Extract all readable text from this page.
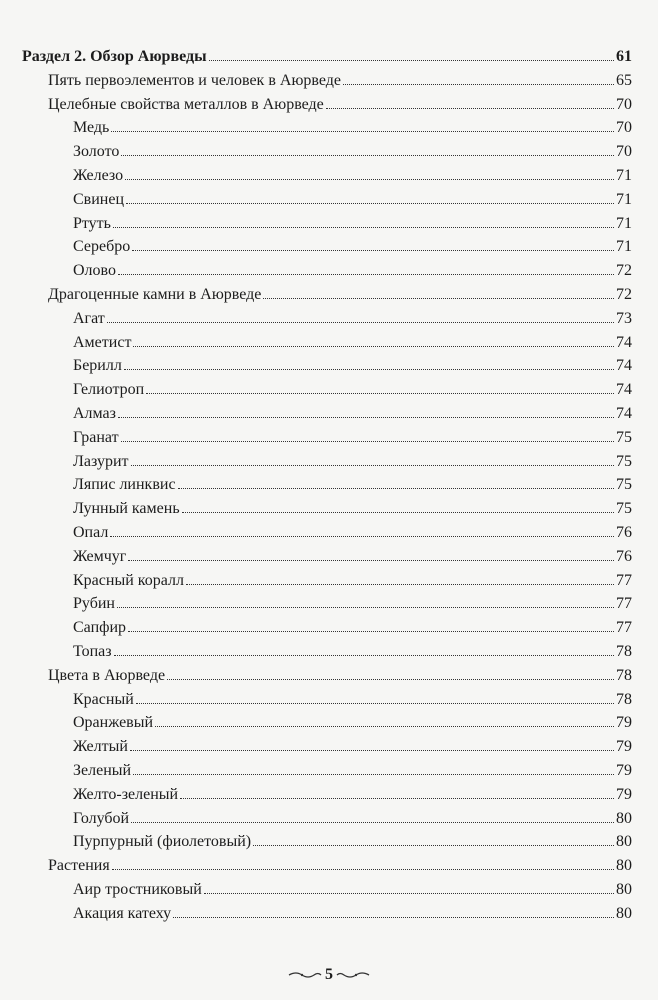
Раздел 2. Обзор Аюрведы	61
Пять первоэлементов и человек в Аюрведе	65
Целебные свойства металлов в Аюрведе	70
Медь	70
Золото	70
Железо	71
Свинец	71
Ртуть	71
Серебро	71
Олово	72
Драгоценные камни в Аюрведе	72
Агат	73
Аметист	74
Берилл	74
Гелиотроп	74
Алмаз	74
Гранат	75
Лазурит	75
Ляпис линквис	75
Лунный камень	75
Опал	76
Жемчуг	76
Красный коралл	77
Рубин	77
Сапфир	77
Топаз	78
Цвета в Аюрведе	78
Красный	78
Оранжевый	79
Желтый	79
Зеленый	79
Желто-зеленый	79
Голубой	80
Пурпурный (фиолетовый)	80
Растения	80
Аир тростниковый	80
Акация катеху	80
5
